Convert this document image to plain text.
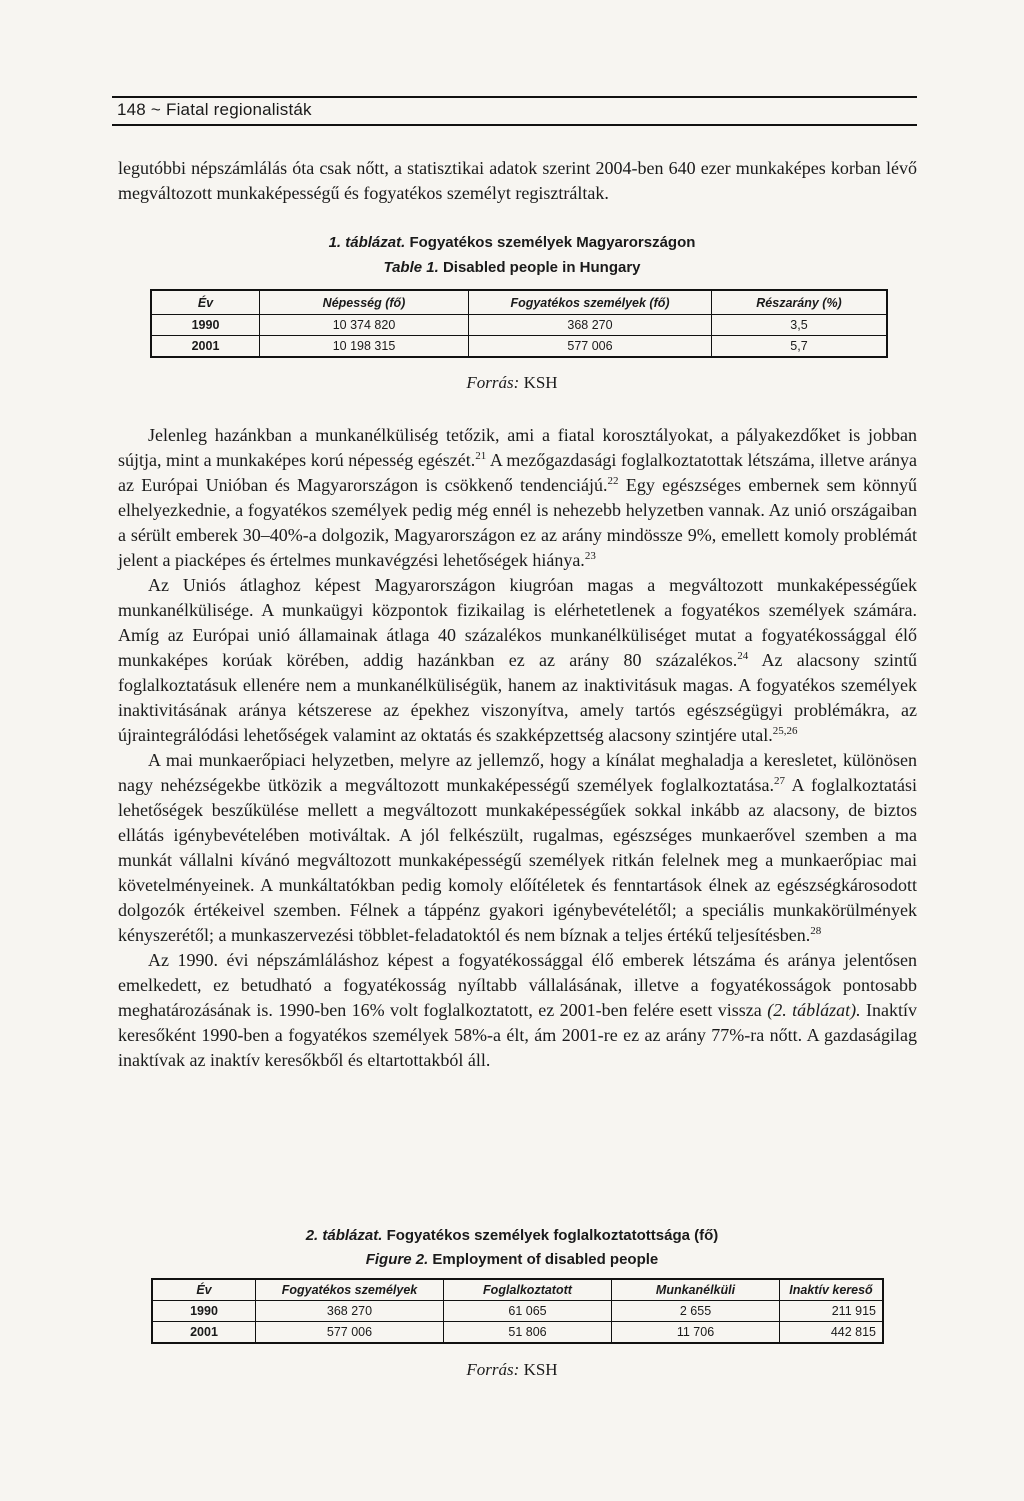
148 ~ Fiatal regionalisták

legutóbbi népszámlálás óta csak nőtt, a statisztikai adatok szerint 2004-ben 640 ezer munkaképes korban lévő megváltozott munkaképességű és fogyatékos személyt regisztráltak.

1. táblázat. Fogyatékos személyek Magyarországon
Table 1. Disabled people in Hungary
Év	Népesség (fő)	Fogyatékos személyek (fő)	Részarány (%)
1990	10 374 820	368 270	3,5
2001	10 198 315	577 006	5,7
Forrás: KSH

Jelenleg hazánkban a munkanélküliség tetőzik, ami a fiatal korosztályokat, a pályakezdőket is jobban sújtja, mint a munkaképes korú népesség egészét.$^{21}$ A mezőgazdasági foglalkoztatottak létszáma, illetve aránya az Európai Unióban és Magyarországon is csökkenő tendenciájú.$^{22}$ Egy egészséges embernek sem könnyű elhelyezkednie, a fogyatékos személyek pedig még ennél is nehezebb helyzetben vannak. Az unió országaiban a sérült emberek 30–40%-a dolgozik, Magyarországon ez az arány mindössze 9%, emellett komoly problémát jelent a piacképes és értelmes munkavégzési lehetőségek hiánya.$^{23}$

Az Uniós átlaghoz képest Magyarországon kiugróan magas a megváltozott munkaképességűek munkanélkülisége. A munkaügyi központok fizikailag is elérhetetlenek a fogyatékos személyek számára. Amíg az Európai unió államainak átlaga 40 százalékos munkanélküliséget mutat a fogyatékossággal élő munkaképes korúak körében, addig hazánkban ez az arány 80 százalékos.$^{24}$ Az alacsony szintű foglalkoztatásuk ellenére nem a munkanélküliségük, hanem az inaktivitásuk magas. A fogyatékos személyek inaktivitásának aránya kétszerese az épekhez viszonyítva, amely tartós egészségügyi problémákra, az újraintegrálódási lehetőségek valamint az oktatás és szakképzettség alacsony szintjére utal.$^{25,26}$

A mai munkaerőpiaci helyzetben, melyre az jellemző, hogy a kínálat meghaladja a keresletet, különösen nagy nehézségekbe ütközik a megváltozott munkaképességű személyek foglalkoztatása.$^{27}$ A foglalkoztatási lehetőségek beszűkülése mellett a megváltozott munkaképességűek sokkal inkább az alacsony, de biztos ellátás igénybevételében motiváltak. A jól felkészült, rugalmas, egészséges munkaerővel szemben a ma munkát vállalni kívánó megváltozott munkaképességű személyek ritkán felelnek meg a munkaerőpiac mai követelményeinek. A munkáltatókban pedig komoly előítéletek és fenntartások élnek az egészségkárosodott dolgozók értékeivel szemben. Félnek a táppénz gyakori igénybevételétől; a speciális munkakörülmények kényszerétől; a munkaszervezési többlet-feladatoktól és nem bíznak a teljes értékű teljesítésben.$^{28}$

Az 1990. évi népszámláláshoz képest a fogyatékossággal élő emberek létszáma és aránya jelentősen emelkedett, ez betudható a fogyatékosság nyíltabb vállalásának, illetve a fogyatékosságok pontosabb meghatározásának is. 1990-ben 16% volt foglalkoztatott, ez 2001-ben felére esett vissza (2. táblázat). Inaktív keresőként 1990-ben a fogyatékos személyek 58%-a élt, ám 2001-re ez az arány 77%-ra nőtt. A gazdaságilag inaktívak az inaktív keresőkből és eltartottakból áll.

2. táblázat. Fogyatékos személyek foglalkoztatottsága (fő)
Figure 2. Employment of disabled people
Év	Fogyatékos személyek	Foglalkoztatott	Munkanélküli	Inaktív kereső
1990	368 270	61 065	2 655	211 915
2001	577 006	51 806	11 706	442 815
Forrás: KSH
